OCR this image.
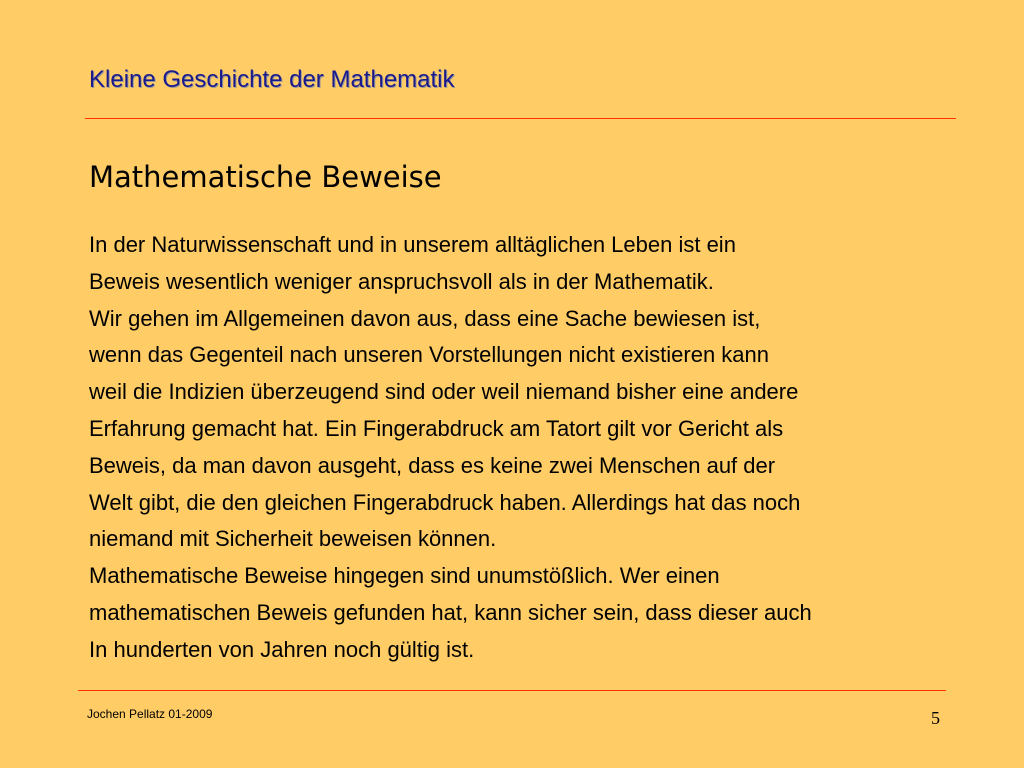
Kleine Geschichte der Mathematik
Mathematische Beweise
In der Naturwissenschaft und in unserem alltäglichen Leben ist ein
Beweis wesentlich weniger anspruchsvoll als in der Mathematik.
Wir gehen im Allgemeinen davon aus, dass eine Sache bewiesen ist,
wenn das Gegenteil nach unseren Vorstellungen nicht existieren kann
weil die Indizien überzeugend sind oder weil niemand bisher eine andere
Erfahrung gemacht hat. Ein Fingerabdruck am Tatort gilt vor Gericht als
Beweis, da man davon ausgeht, dass es keine zwei Menschen auf der
Welt gibt, die den gleichen Fingerabdruck haben. Allerdings hat das noch
niemand mit Sicherheit beweisen können.
Mathematische Beweise hingegen sind unumstößlich. Wer einen
mathematischen Beweis gefunden hat, kann sicher sein, dass dieser auch
In hunderten von Jahren noch gültig ist.
Jochen Pellatz 01-2009	5
